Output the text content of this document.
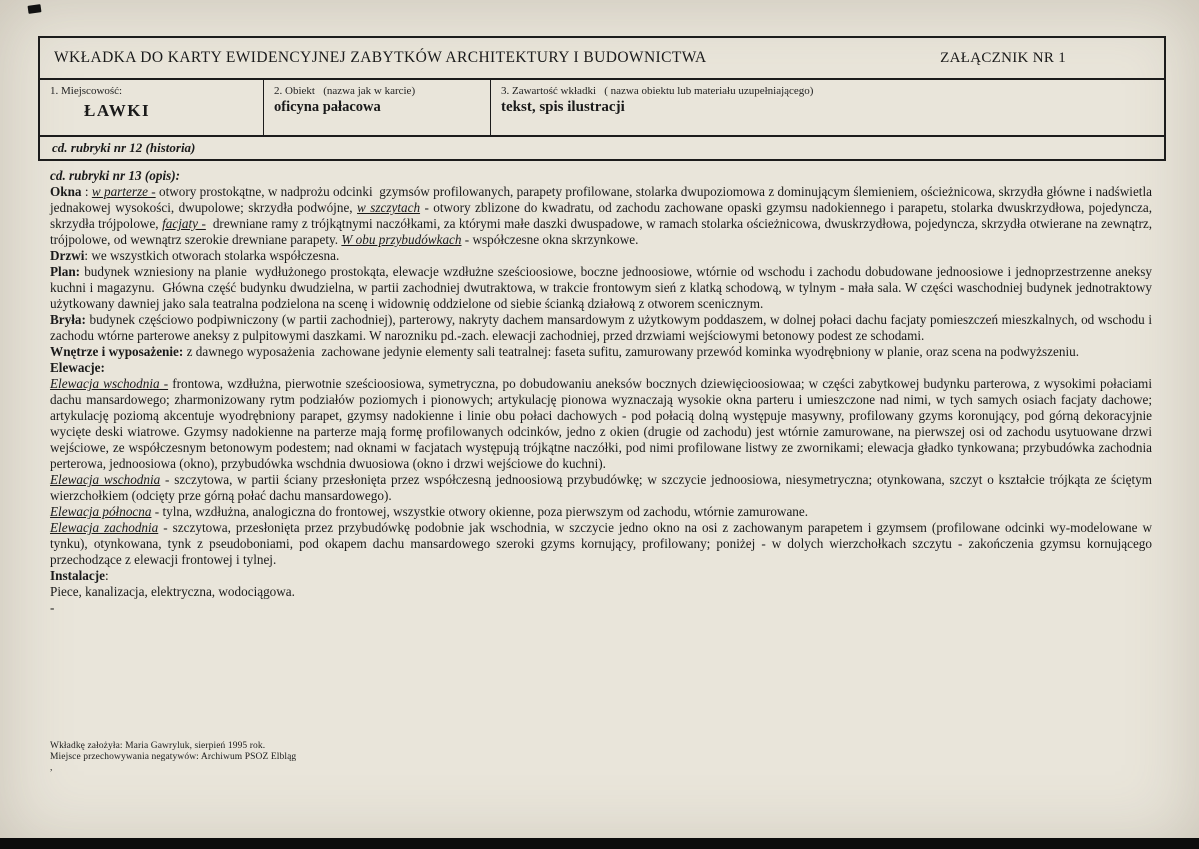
WKŁADKA DO KARTY EWIDENCYJNEJ ZABYTKÓW ARCHITEKTURY I BUDOWNICTWA	ZAŁĄCZNIK NR 1
1. Miejscowość:
ŁAWKI
2. Obiekt   (nazwa jak w karcie)
oficyna pałacowa
3. Zawartość wkładki   ( nazwa obiektu lub materiału uzupełniającego)
tekst, spis ilustracji
cd. rubryki nr 12 (historia)

cd. rubryki nr 13 (opis):

Okna : w parterze - otwory prostokątne, w nadprożu odcinki  gzymsów profilowanych, parapety profilowane, stolarka dwupoziomowa z dominującym ślemieniem, ościeżnicowa, skrzydła główne i nadświetla jednakowej wysokości, dwupolowe; skrzydła podwójne, w szczytach - otwory zblizone do kwadratu, od zachodu zachowane opaski gzymsu nadokiennego i parapetu, stolarka dwuskrzydłowa, pojedyncza, skrzydła trójpolowe, facjaty -  drewniane ramy z trójkątnymi naczółkami, za którymi małe daszki dwuspadowe, w ramach stolarka ościeżnicowa, dwuskrzydłowa, pojedyncza, skrzydła otwierane na zewnątrz, trójpolowe, od wewnątrz szerokie drewniane parapety. W obu przybudówkach - współczesne okna skrzynkowe.

Drzwi: we wszystkich otworach stolarka współczesna.

Plan: budynek wzniesiony na planie  wydłużonego prostokąta, elewacje wzdłużne sześcioosiowe, boczne jednoosiowe, wtórnie od wschodu i zachodu dobudowane jednoosiowe i jednoprzestrzenne aneksy kuchni i magazynu.  Główna część budynku dwudzielna, w partii zachodniej dwutraktowa, w trakcie frontowym sień z klatką schodową, w tylnym - mała sala. W części waschodniej budynek jednotraktowy użytkowany dawniej jako sala teatralna podzielona na scenę i widownię oddzielone od siebie ścianką działową z otworem scenicznym.

Bryła: budynek częściowo podpiwniczony (w partii zachodniej), parterowy, nakryty dachem mansardowym z użytkowym poddaszem, w dolnej połaci dachu facjaty pomieszczeń mieszkalnych, od wschodu i zachodu wtórne parterowe aneksy z pulpitowymi daszkami. W narozniku pd.-zach. elewacji zachodniej, przed drzwiami wejściowymi betonowy podest ze schodami.

Wnętrze i wyposażenie: z dawnego wyposażenia  zachowane jedynie elementy sali teatralnej: faseta sufitu, zamurowany przewód kominka wyodrębniony w planie, oraz scena na podwyższeniu.

Elewacje:

Elewacja wschodnia - frontowa, wzdłużna, pierwotnie sześcioosiowa, symetryczna, po dobudowaniu aneksów bocznych dziewięcioosiowaa; w części zabytkowej budynku parterowa, z wysokimi połaciami dachu mansardowego; zharmonizowany rytm podziałów poziomych i pionowych; artykulację pionowa wyznaczają wysokie okna parteru i umieszczone nad nimi, w tych samych osiach facjaty dachowe; artykulację poziomą akcentuje wyodrębniony parapet, gzymsy nadokienne i linie obu połaci dachowych - pod połacią dolną występuje masywny, profilowany gzyms koronujący, pod górną dekoracyjnie wycięte deski wiatrowe. Gzymsy nadokienne na parterze mają formę profilowanych odcinków, jedno z okien (drugie od zachodu) jest wtórnie zamurowane, na pierwszej osi od zachodu usytuowane drzwi wejściowe, ze współczesnym betonowym podestem; nad oknami w facjatach występują trójkątne naczółki, pod nimi profilowane listwy ze zwornikami; elewacja gładko tynkowana; przybudówka zachodnia perterowa, jednoosiowa (okno), przybudówka wschdnia dwuosiowa (okno i drzwi wejściowe do kuchni).

Elewacja wschodnia - szczytowa, w partii ściany przesłonięta przez współczesną jednoosiową przybudówkę; w szczycie jednoosiowa, niesymetryczna; otynkowana, szczyt o kształcie trójkąta ze ściętym wierzchołkiem (odcięty prze górną połać dachu mansardowego).

Elewacja północna - tylna, wzdłużna, analogiczna do frontowej, wszystkie otwory okienne, poza pierwszym od zachodu, wtórnie zamurowane.

Elewacja zachodnia - szczytowa, przesłonięta przez przybudówkę podobnie jak wschodnia, w szczycie jedno okno na osi z zachowanym parapetem i gzymsem (profilowane odcinki wy-modelowane w tynku), otynkowana, tynk z pseudoboniami, pod okapem dachu mansardowego szeroki gzyms kornujący, profilowany; poniżej - w dolych wierzchołkach szczytu - zakończenia gzymsu kornującego przechodzące z elewacji frontowej i tylnej.

Instalacje:

Piece, kanalizacja, elektryczna, wodociągowa.

-

Wkładkę założyła: Maria Gawryluk, sierpień 1995 rok.
Miejsce przechowywania negatywów: Archiwum PSOZ Elbląg
,
